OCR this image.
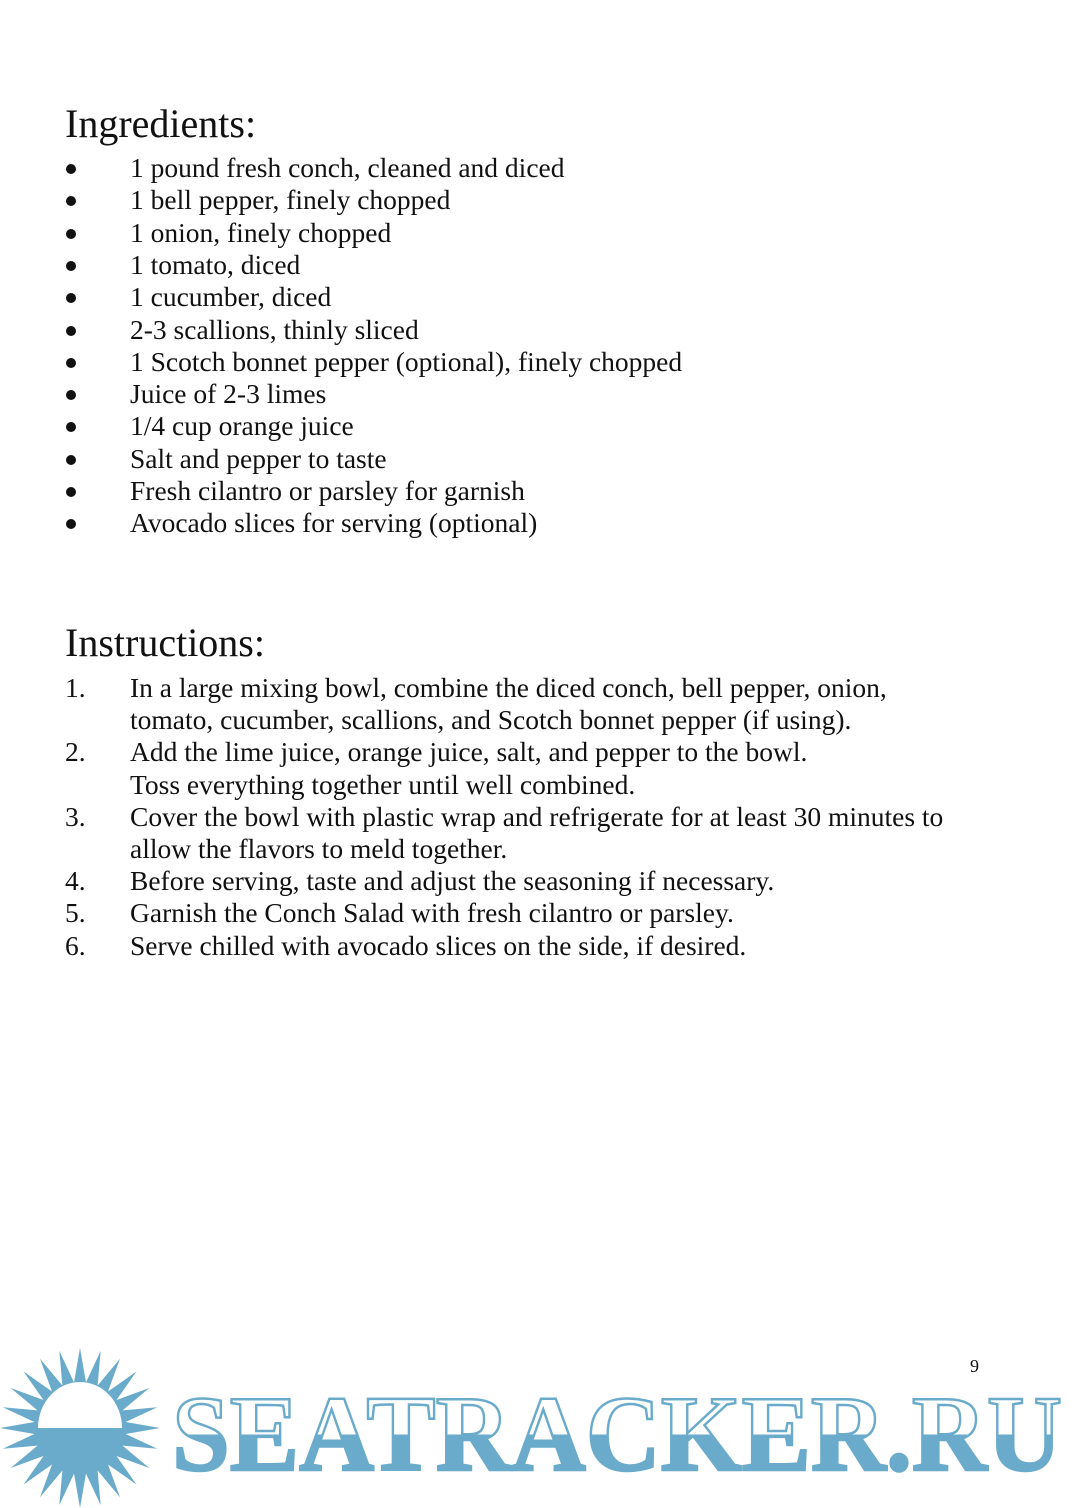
Ingredients:
1 pound fresh conch, cleaned and diced
1 bell pepper, finely chopped
1 onion, finely chopped
1 tomato, diced
1 cucumber, diced
2-3 scallions, thinly sliced
1 Scotch bonnet pepper (optional), finely chopped
Juice of 2-3 limes
1/4 cup orange juice
Salt and pepper to taste
Fresh cilantro or parsley for garnish
Avocado slices for serving (optional)
Instructions:
1. In a large mixing bowl, combine the diced conch, bell pepper, onion,
tomato, cucumber, scallions, and Scotch bonnet pepper (if using).
2. Add the lime juice, orange juice, salt, and pepper to the bowl.
Toss everything together until well combined.
3. Cover the bowl with plastic wrap and refrigerate for at least 30 minutes to
allow the flavors to meld together.
4. Before serving, taste and adjust the seasoning if necessary.
5. Garnish the Conch Salad with fresh cilantro or parsley.
6. Serve chilled with avocado slices on the side, if desired.
SEATRACKER.RU
9
